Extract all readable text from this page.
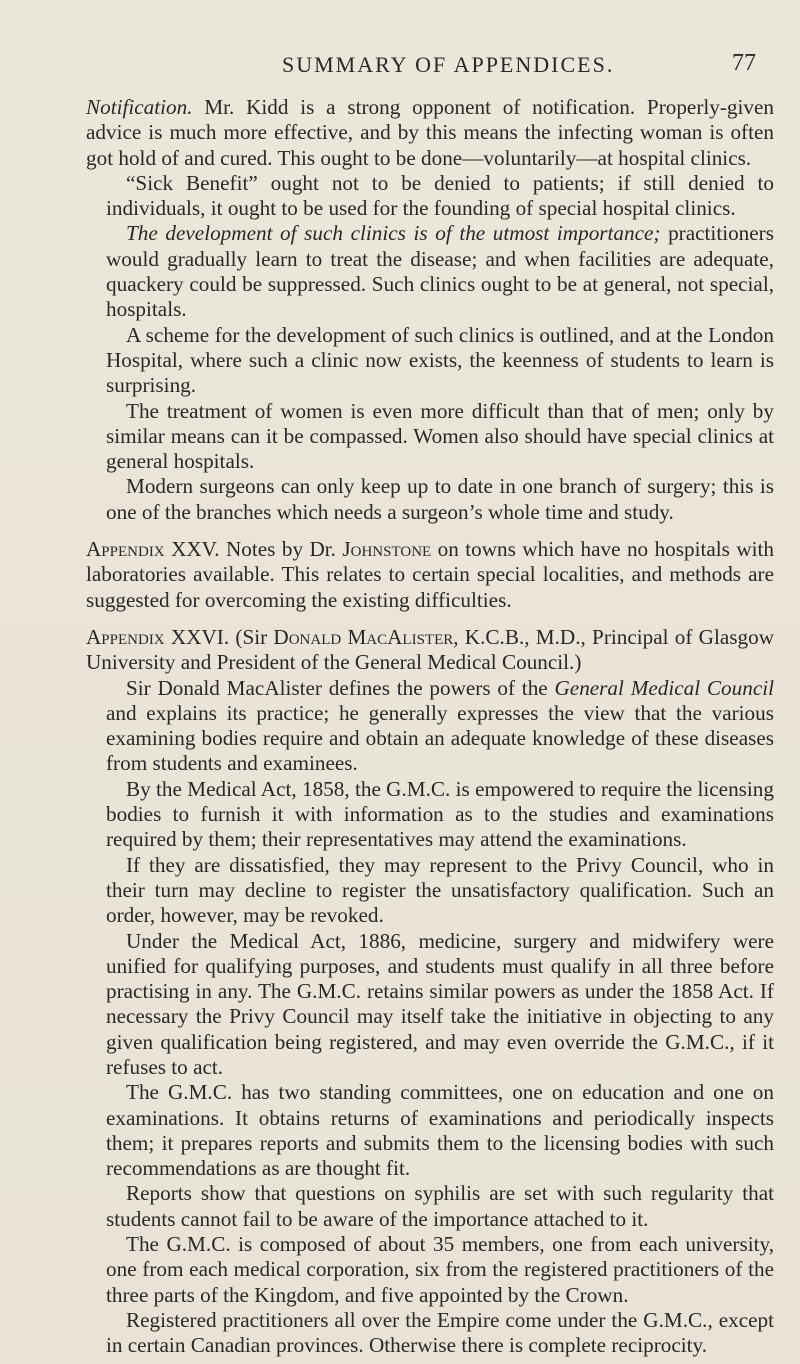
SUMMARY OF APPENDICES.	77

Notification. Mr. Kidd is a strong opponent of notification. Properly-given advice is much more effective, and by this means the infecting woman is often got hold of and cured. This ought to be done—voluntarily—at hospital clinics.

“Sick Benefit” ought not to be denied to patients; if still denied to individuals, it ought to be used for the founding of special hospital clinics.

The development of such clinics is of the utmost importance; practitioners would gradually learn to treat the disease; and when facilities are adequate, quackery could be suppressed. Such clinics ought to be at general, not special, hospitals.

A scheme for the development of such clinics is outlined, and at the London Hospital, where such a clinic now exists, the keenness of students to learn is surprising.

The treatment of women is even more difficult than that of men; only by similar means can it be compassed. Women also should have special clinics at general hospitals.

Modern surgeons can only keep up to date in one branch of surgery; this is one of the branches which needs a surgeon’s whole time and study.

Appendix XXV. Notes by Dr. Johnstone on towns which have no hospitals with laboratories available. This relates to certain special localities, and methods are suggested for overcoming the existing difficulties.

Appendix XXVI. (Sir Donald MacAlister, K.C.B., M.D., Principal of Glasgow University and President of the General Medical Council.)

Sir Donald MacAlister defines the powers of the General Medical Council and explains its practice; he generally expresses the view that the various examining bodies require and obtain an adequate knowledge of these diseases from students and examinees.

By the Medical Act, 1858, the G.M.C. is empowered to require the licensing bodies to furnish it with information as to the studies and examinations required by them; their representatives may attend the examinations.

If they are dissatisfied, they may represent to the Privy Council, who in their turn may decline to register the unsatisfactory qualification. Such an order, however, may be revoked.

Under the Medical Act, 1886, medicine, surgery and midwifery were unified for qualifying purposes, and students must qualify in all three before practising in any. The G.M.C. retains similar powers as under the 1858 Act. If necessary the Privy Council may itself take the initiative in objecting to any given qualification being registered, and may even override the G.M.C., if it refuses to act.

The G.M.C. has two standing committees, one on education and one on examinations. It obtains returns of examinations and periodically inspects them; it prepares reports and submits them to the licensing bodies with such recommendations as are thought fit.

Reports show that questions on syphilis are set with such regularity that students cannot fail to be aware of the importance attached to it.

The G.M.C. is composed of about 35 members, one from each university, one from each medical corporation, six from the registered practitioners of the three parts of the Kingdom, and five appointed by the Crown.

Registered practitioners all over the Empire come under the G.M.C., except in certain Canadian provinces. Otherwise there is complete reciprocity.
